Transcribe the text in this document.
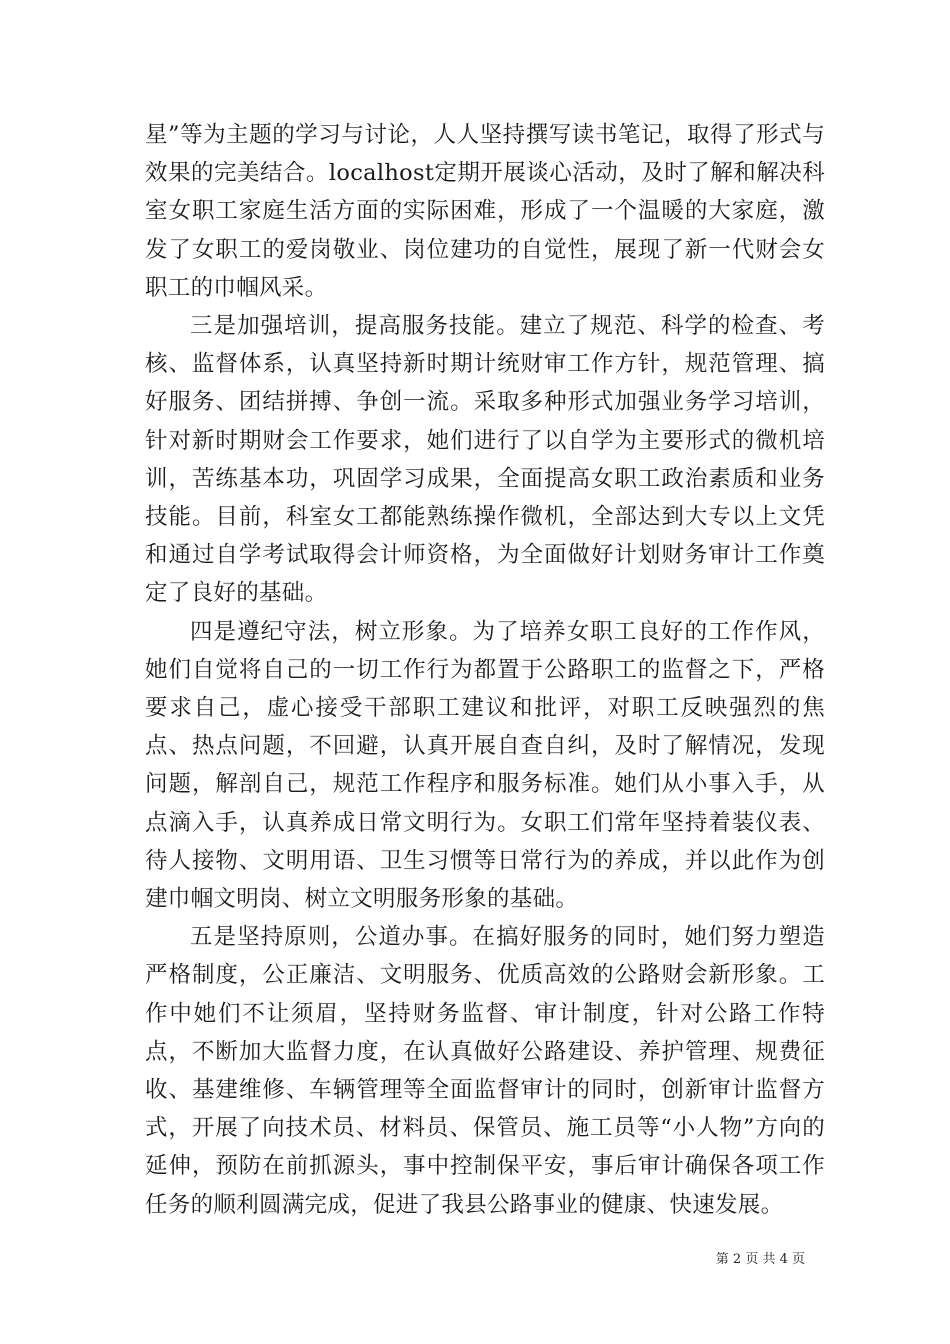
星”等为主题的学习与讨论，人人坚持撰写读书笔记，取得了形式与效果的完美结合。localhost定期开展谈心活动，及时了解和解决科室女职工家庭生活方面的实际困难，形成了一个温暖的大家庭，激发了女职工的爱岗敬业、岗位建功的自觉性，展现了新一代财会女职工的巾帼风采。

三是加强培训，提高服务技能。建立了规范、科学的检查、考核、监督体系，认真坚持新时期计统财审工作方针，规范管理、搞好服务、团结拼搏、争创一流。采取多种形式加强业务学习培训，针对新时期财会工作要求，她们进行了以自学为主要形式的微机培训，苦练基本功，巩固学习成果，全面提高女职工政治素质和业务技能。目前，科室女工都能熟练操作微机，全部达到大专以上文凭和通过自学考试取得会计师资格，为全面做好计划财务审计工作奠定了良好的基础。

四是遵纪守法，树立形象。为了培养女职工良好的工作作风，她们自觉将自己的一切工作行为都置于公路职工的监督之下，严格要求自己，虚心接受干部职工建议和批评，对职工反映强烈的焦点、热点问题，不回避，认真开展自查自纠，及时了解情况，发现问题，解剖自己，规范工作程序和服务标准。她们从小事入手，从点滴入手，认真养成日常文明行为。女职工们常年坚持着装仪表、待人接物、文明用语、卫生习惯等日常行为的养成，并以此作为创建巾帼文明岗、树立文明服务形象的基础。

五是坚持原则，公道办事。在搞好服务的同时，她们努力塑造严格制度，公正廉洁、文明服务、优质高效的公路财会新形象。工作中她们不让须眉，坚持财务监督、审计制度，针对公路工作特点，不断加大监督力度，在认真做好公路建设、养护管理、规费征收、基建维修、车辆管理等全面监督审计的同时，创新审计监督方式，开展了向技术员、材料员、保管员、施工员等“小人物”方向的延伸，预防在前抓源头，事中控制保平安，事后审计确保各项工作任务的顺利圆满完成，促进了我县公路事业的健康、快速发展。

第 2 页 共 4 页
